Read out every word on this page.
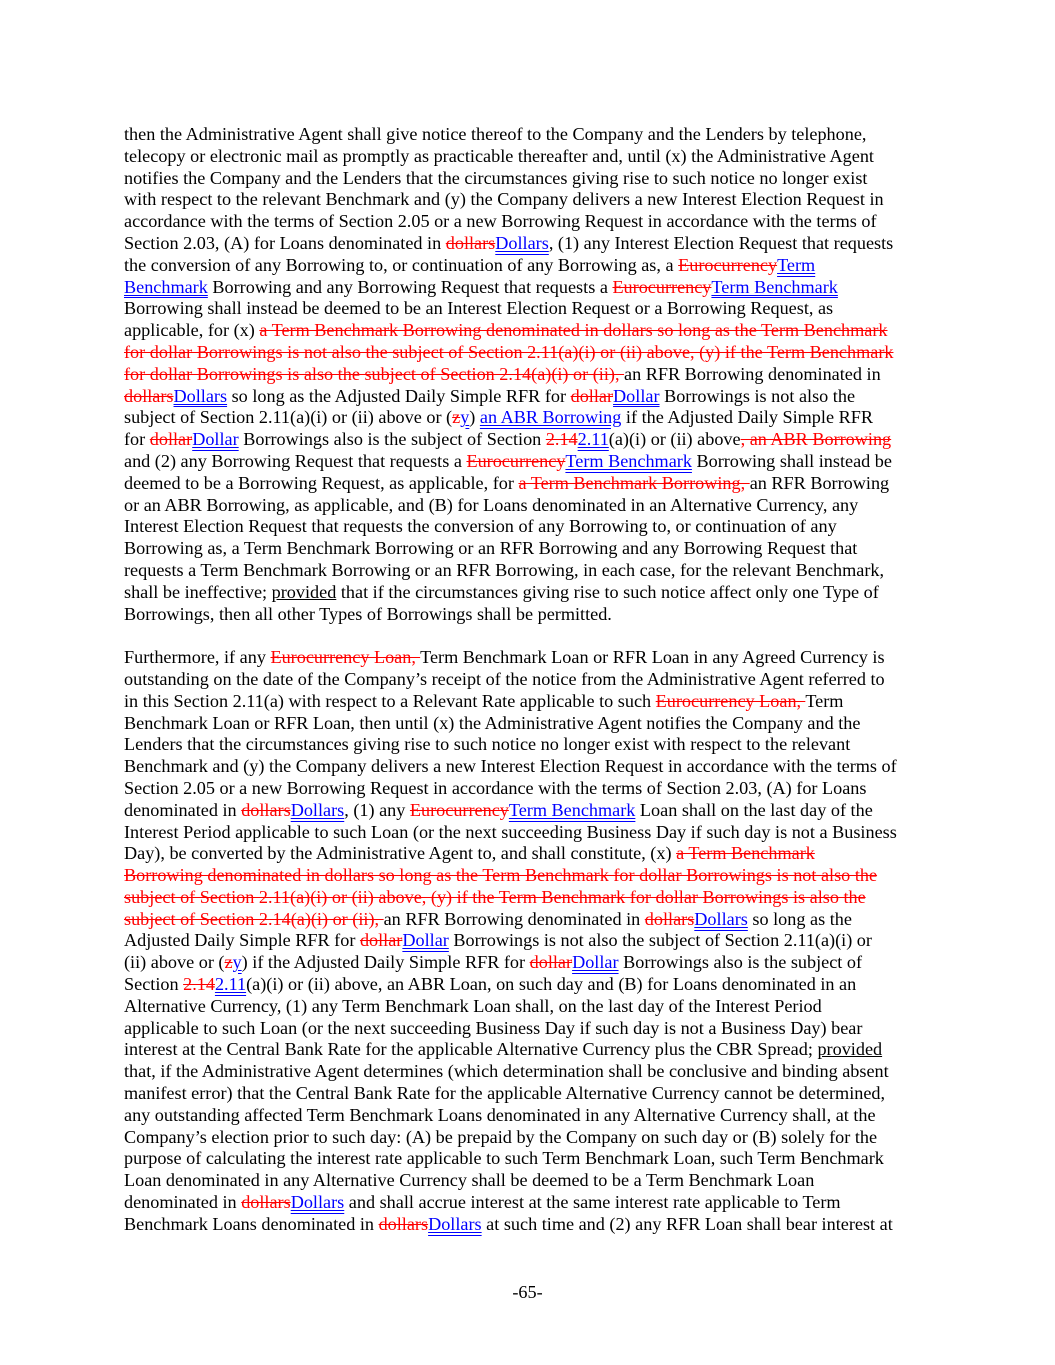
then the Administrative Agent shall give notice thereof to the Company and the Lenders by telephone,
telecopy or electronic mail as promptly as practicable thereafter and, until (x) the Administrative Agent
notifies the Company and the Lenders that the circumstances giving rise to such notice no longer exist
with respect to the relevant Benchmark and (y) the Company delivers a new Interest Election Request in
accordance with the terms of Section 2.05 or a new Borrowing Request in accordance with the terms of
Section 2.03, (A) for Loans denominated in dollarsDollars, (1) any Interest Election Request that requests
the conversion of any Borrowing to, or continuation of any Borrowing as, a EurocurrencyTerm
Benchmark Borrowing and any Borrowing Request that requests a EurocurrencyTerm Benchmark
Borrowing shall instead be deemed to be an Interest Election Request or a Borrowing Request, as
applicable, for (x) a Term Benchmark Borrowing denominated in dollars so long as the Term Benchmark
for dollar Borrowings is not also the subject of Section 2.11(a)(i) or (ii) above, (y) if the Term Benchmark
for dollar Borrowings is also the subject of Section 2.14(a)(i) or (ii), an RFR Borrowing denominated in
dollarsDollars so long as the Adjusted Daily Simple RFR for dollarDollar Borrowings is not also the
subject of Section 2.11(a)(i) or (ii) above or (zy) an ABR Borrowing if the Adjusted Daily Simple RFR
for dollarDollar Borrowings also is the subject of Section 2.142.11(a)(i) or (ii) above, an ABR Borrowing
and (2) any Borrowing Request that requests a EurocurrencyTerm Benchmark Borrowing shall instead be
deemed to be a Borrowing Request, as applicable, for a Term Benchmark Borrowing, an RFR Borrowing
or an ABR Borrowing, as applicable, and (B) for Loans denominated in an Alternative Currency, any
Interest Election Request that requests the conversion of any Borrowing to, or continuation of any
Borrowing as, a Term Benchmark Borrowing or an RFR Borrowing and any Borrowing Request that
requests a Term Benchmark Borrowing or an RFR Borrowing, in each case, for the relevant Benchmark,
shall be ineffective; provided that if the circumstances giving rise to such notice affect only one Type of
Borrowings, then all other Types of Borrowings shall be permitted.
Furthermore, if any Eurocurrency Loan, Term Benchmark Loan or RFR Loan in any Agreed Currency is
outstanding on the date of the Company’s receipt of the notice from the Administrative Agent referred to
in this Section 2.11(a) with respect to a Relevant Rate applicable to such Eurocurrency Loan, Term
Benchmark Loan or RFR Loan, then until (x) the Administrative Agent notifies the Company and the
Lenders that the circumstances giving rise to such notice no longer exist with respect to the relevant
Benchmark and (y) the Company delivers a new Interest Election Request in accordance with the terms of
Section 2.05 or a new Borrowing Request in accordance with the terms of Section 2.03, (A) for Loans
denominated in dollarsDollars, (1) any EurocurrencyTerm Benchmark Loan shall on the last day of the
Interest Period applicable to such Loan (or the next succeeding Business Day if such day is not a Business
Day), be converted by the Administrative Agent to, and shall constitute, (x) a Term Benchmark
Borrowing denominated in dollars so long as the Term Benchmark for dollar Borrowings is not also the
subject of Section 2.11(a)(i) or (ii) above, (y) if the Term Benchmark for dollar Borrowings is also the
subject of Section 2.14(a)(i) or (ii), an RFR Borrowing denominated in dollarsDollars so long as the
Adjusted Daily Simple RFR for dollarDollar Borrowings is not also the subject of Section 2.11(a)(i) or
(ii) above or (zy) if the Adjusted Daily Simple RFR for dollarDollar Borrowings also is the subject of
Section 2.142.11(a)(i) or (ii) above, an ABR Loan, on such day and (B) for Loans denominated in an
Alternative Currency, (1) any Term Benchmark Loan shall, on the last day of the Interest Period
applicable to such Loan (or the next succeeding Business Day if such day is not a Business Day) bear
interest at the Central Bank Rate for the applicable Alternative Currency plus the CBR Spread; provided
that, if the Administrative Agent determines (which determination shall be conclusive and binding absent
manifest error) that the Central Bank Rate for the applicable Alternative Currency cannot be determined,
any outstanding affected Term Benchmark Loans denominated in any Alternative Currency shall, at the
Company’s election prior to such day: (A) be prepaid by the Company on such day or (B) solely for the
purpose of calculating the interest rate applicable to such Term Benchmark Loan, such Term Benchmark
Loan denominated in any Alternative Currency shall be deemed to be a Term Benchmark Loan
denominated in dollarsDollars and shall accrue interest at the same interest rate applicable to Term
Benchmark Loans denominated in dollarsDollars at such time and (2) any RFR Loan shall bear interest at
-65-
